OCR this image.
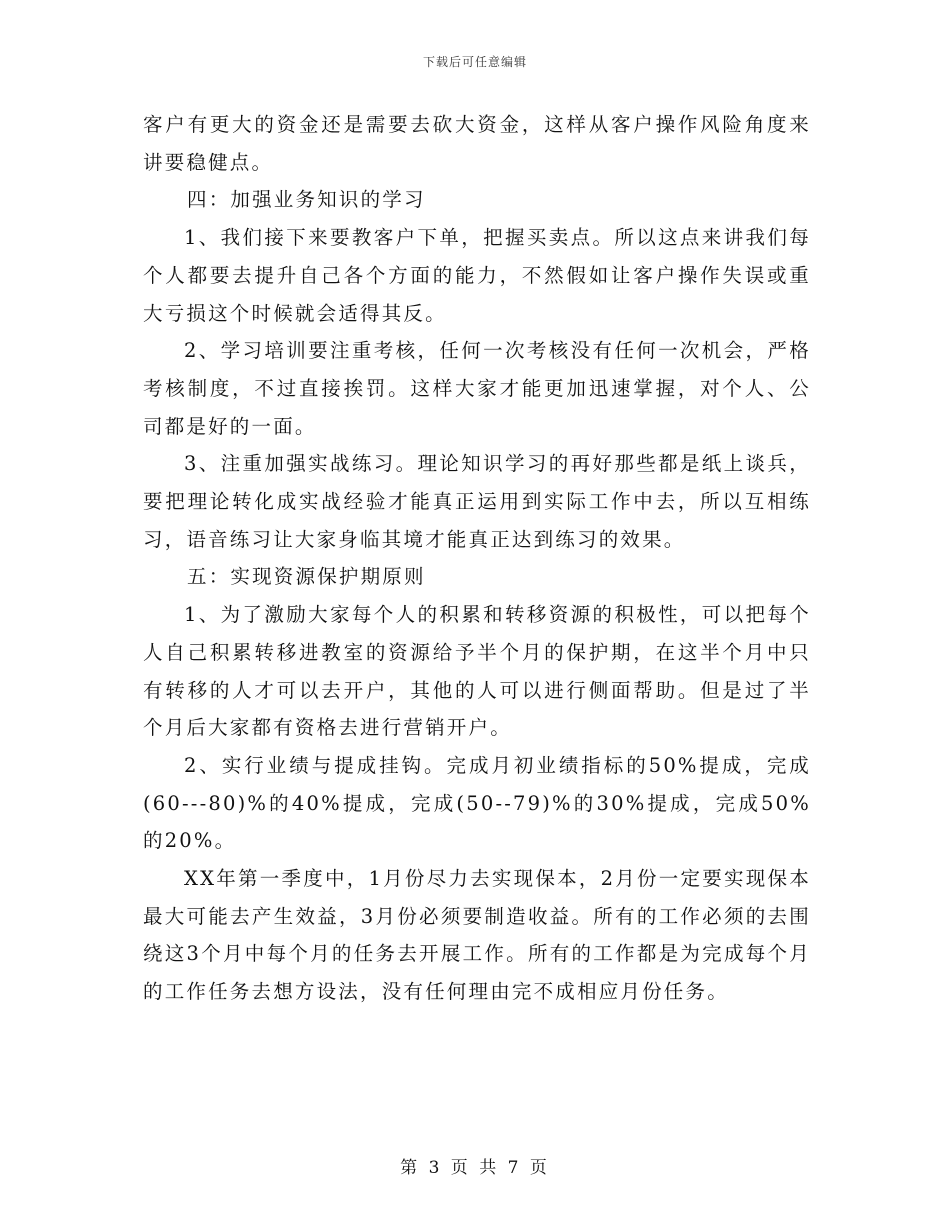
下载后可任意编辑

客户有更大的资金还是需要去砍大资金，这样从客户操作风险角度来讲要稳健点。

四：加强业务知识的学习

1、我们接下来要教客户下单，把握买卖点。所以这点来讲我们每个人都要去提升自己各个方面的能力，不然假如让客户操作失误或重大亏损这个时候就会适得其反。

2、学习培训要注重考核，任何一次考核没有任何一次机会，严格考核制度，不过直接挨罚。这样大家才能更加迅速掌握，对个人、公司都是好的一面。

3、注重加强实战练习。理论知识学习的再好那些都是纸上谈兵，要把理论转化成实战经验才能真正运用到实际工作中去，所以互相练习，语音练习让大家身临其境才能真正达到练习的效果。

五：实现资源保护期原则

1、为了激励大家每个人的积累和转移资源的积极性，可以把每个人自己积累转移进教室的资源给予半个月的保护期，在这半个月中只有转移的人才可以去开户，其他的人可以进行侧面帮助。但是过了半个月后大家都有资格去进行营销开户。

2、实行业绩与提成挂钩。完成月初业绩指标的50%提成，完成(60---80)%的40%提成，完成(50--79)%的30%提成，完成50%的20%。

XX年第一季度中，1月份尽力去实现保本，2月份一定要实现保本最大可能去产生效益，3月份必须要制造收益。所有的工作必须的去围绕这3个月中每个月的任务去开展工作。所有的工作都是为完成每个月的工作任务去想方设法，没有任何理由完不成相应月份任务。

第 3 页 共 7 页
